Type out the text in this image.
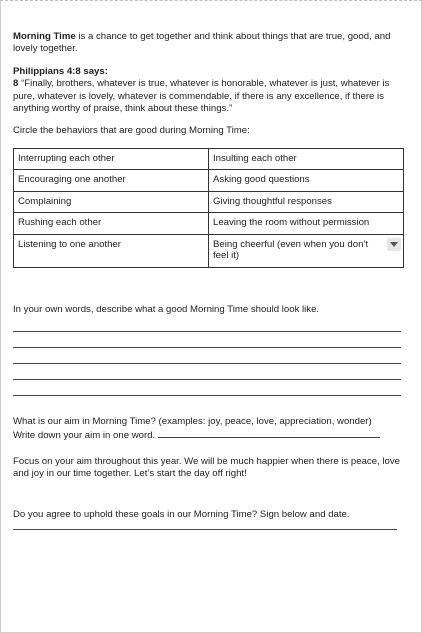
Morning Time is a chance to get together and think about things that are true, good, and lovely together.

Philippians 4:8 says:

8 “Finally, brothers, whatever is true, whatever is honorable, whatever is just, whatever is pure, whatever is lovely, whatever is commendable, if there is any excellence, if there is anything worthy of praise, think about these things.”

Circle the behaviors that are good during Morning Time:

Interrupting each other	Insulting each other
Encouraging one another	Asking good questions
Complaining	Giving thoughtful responses
Rushing each other	Leaving the room without permission
Listening to one another	Being cheerful (even when you don’t feel it)

In your own words, describe what a good Morning Time should look like.

What is our aim in Morning Time? (examples: joy, peace, love, appreciation, wonder)

Write down your aim in one word.

Focus on your aim throughout this year. We will be much happier when there is peace, love and joy in our time together. Let’s start the day off right!

Do you agree to uphold these goals in our Morning Time? Sign below and date.
